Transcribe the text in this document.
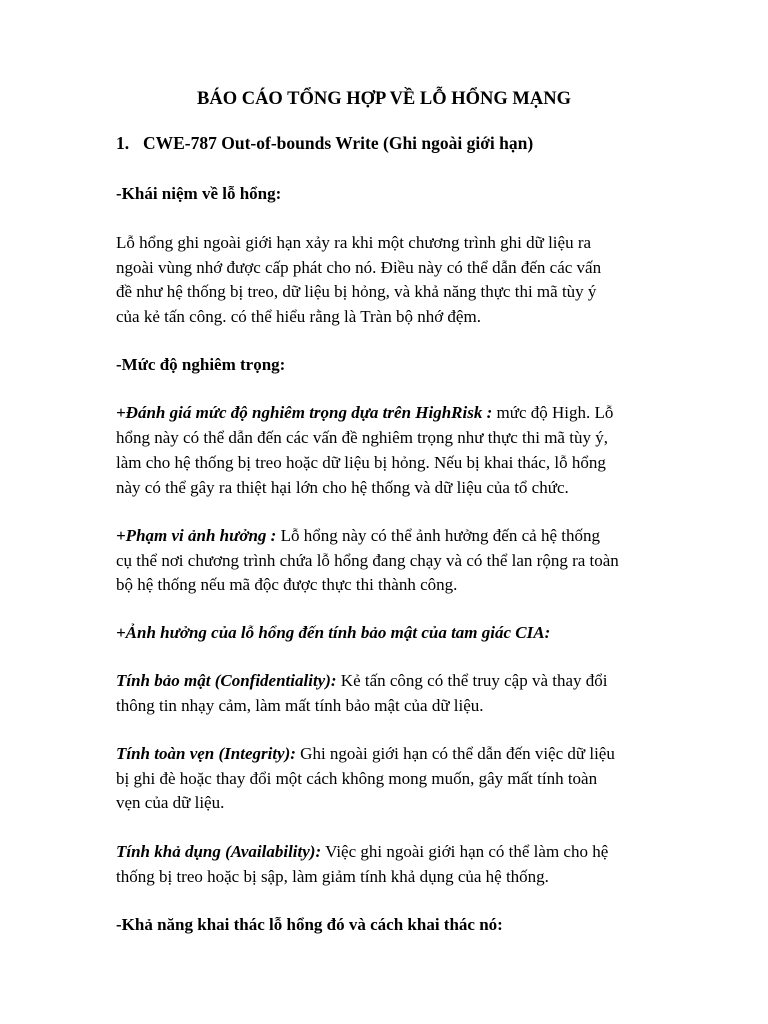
BÁO CÁO TỔNG HỢP VỀ LỖ HỔNG MẠNG
1. CWE-787 Out-of-bounds Write (Ghi ngoài giới hạn)
-Khái niệm về lỗ hổng:
Lỗ hổng ghi ngoài giới hạn xảy ra khi một chương trình ghi dữ liệu ra
ngoài vùng nhớ được cấp phát cho nó. Điều này có thể dẫn đến các vấn
đề như hệ thống bị treo, dữ liệu bị hỏng, và khả năng thực thi mã tùy ý
của kẻ tấn công. có thể hiểu rằng là Tràn bộ nhớ đệm.
-Mức độ nghiêm trọng:
+Đánh giá mức độ nghiêm trọng dựa trên HighRisk : mức độ High. Lỗ
hổng này có thể dẫn đến các vấn đề nghiêm trọng như thực thi mã tùy ý,
làm cho hệ thống bị treo hoặc dữ liệu bị hỏng. Nếu bị khai thác, lỗ hổng
này có thể gây ra thiệt hại lớn cho hệ thống và dữ liệu của tổ chức.
+Phạm vi ảnh hưởng : Lỗ hổng này có thể ảnh hưởng đến cả hệ thống
cụ thể nơi chương trình chứa lỗ hổng đang chạy và có thể lan rộng ra toàn
bộ hệ thống nếu mã độc được thực thi thành công.
+Ảnh hưởng của lỗ hổng đến tính bảo mật của tam giác CIA:
Tính bảo mật (Confidentiality): Kẻ tấn công có thể truy cập và thay đổi
thông tin nhạy cảm, làm mất tính bảo mật của dữ liệu.
Tính toàn vẹn (Integrity): Ghi ngoài giới hạn có thể dẫn đến việc dữ liệu
bị ghi đè hoặc thay đổi một cách không mong muốn, gây mất tính toàn
vẹn của dữ liệu.
Tính khả dụng (Availability): Việc ghi ngoài giới hạn có thể làm cho hệ
thống bị treo hoặc bị sập, làm giảm tính khả dụng của hệ thống.
-Khả năng khai thác lỗ hổng đó và cách khai thác nó:
